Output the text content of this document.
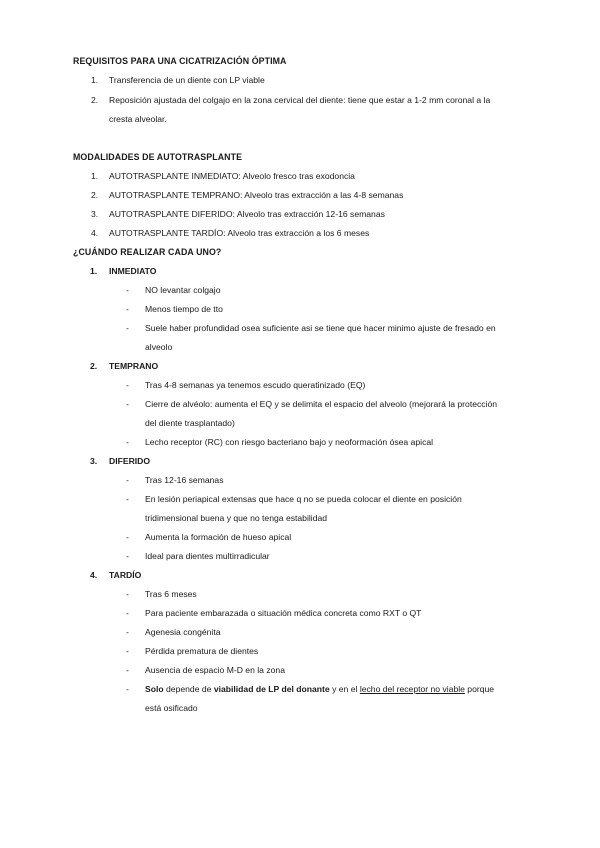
REQUISITOS PARA UNA CICATRIZACIÓN ÓPTIMA
1. Transferencia de un diente con LP viable
2. Reposición ajustada del colgajo en la zona cervical del diente: tiene que estar a 1-2 mm coronal a la
cresta alveolar.
MODALIDADES DE AUTOTRASPLANTE
1. AUTOTRASPLANTE INMEDIATO: Alveolo fresco tras exodoncia
2. AUTOTRASPLANTE TEMPRANO: Alveolo tras extracción a las 4-8 semanas
3. AUTOTRASPLANTE DIFERIDO: Alveolo tras extracción 12-16 semanas
4. AUTOTRASPLANTE TARDÍO: Alveolo tras extracción a los 6 meses
¿CUÁNDO REALIZAR CADA UNO?
1. INMEDIATO
- NO levantar colgajo
- Menos tiempo de tto
- Suele haber profundidad osea suficiente asi se tiene que hacer minimo ajuste de fresado en
alveolo
2. TEMPRANO
- Tras 4-8 semanas ya tenemos escudo queratinizado (EQ)
- Cierre de alvéolo: aumenta el EQ y se delimita el espacio del alveolo (mejorará la protección
del diente trasplantado)
- Lecho receptor (RC) con riesgo bacteriano bajo y neoformación ósea apical
3. DIFERIDO
- Tras 12-16 semanas
- En lesión periapical extensas que hace q no se pueda colocar el diente en posición
tridimensional buena y que no tenga estabilidad
- Aumenta la formación de hueso apical
- Ideal para dientes multirradicular
4. TARDÍO
- Tras 6 meses
- Para paciente embarazada o situación médica concreta como RXT o QT
- Agenesia congénita
- Pérdida prematura de dientes
- Ausencia de espacio M-D en la zona
- Solo depende de viabilidad de LP del donante y en el lecho del receptor no viable porque
está osificado
